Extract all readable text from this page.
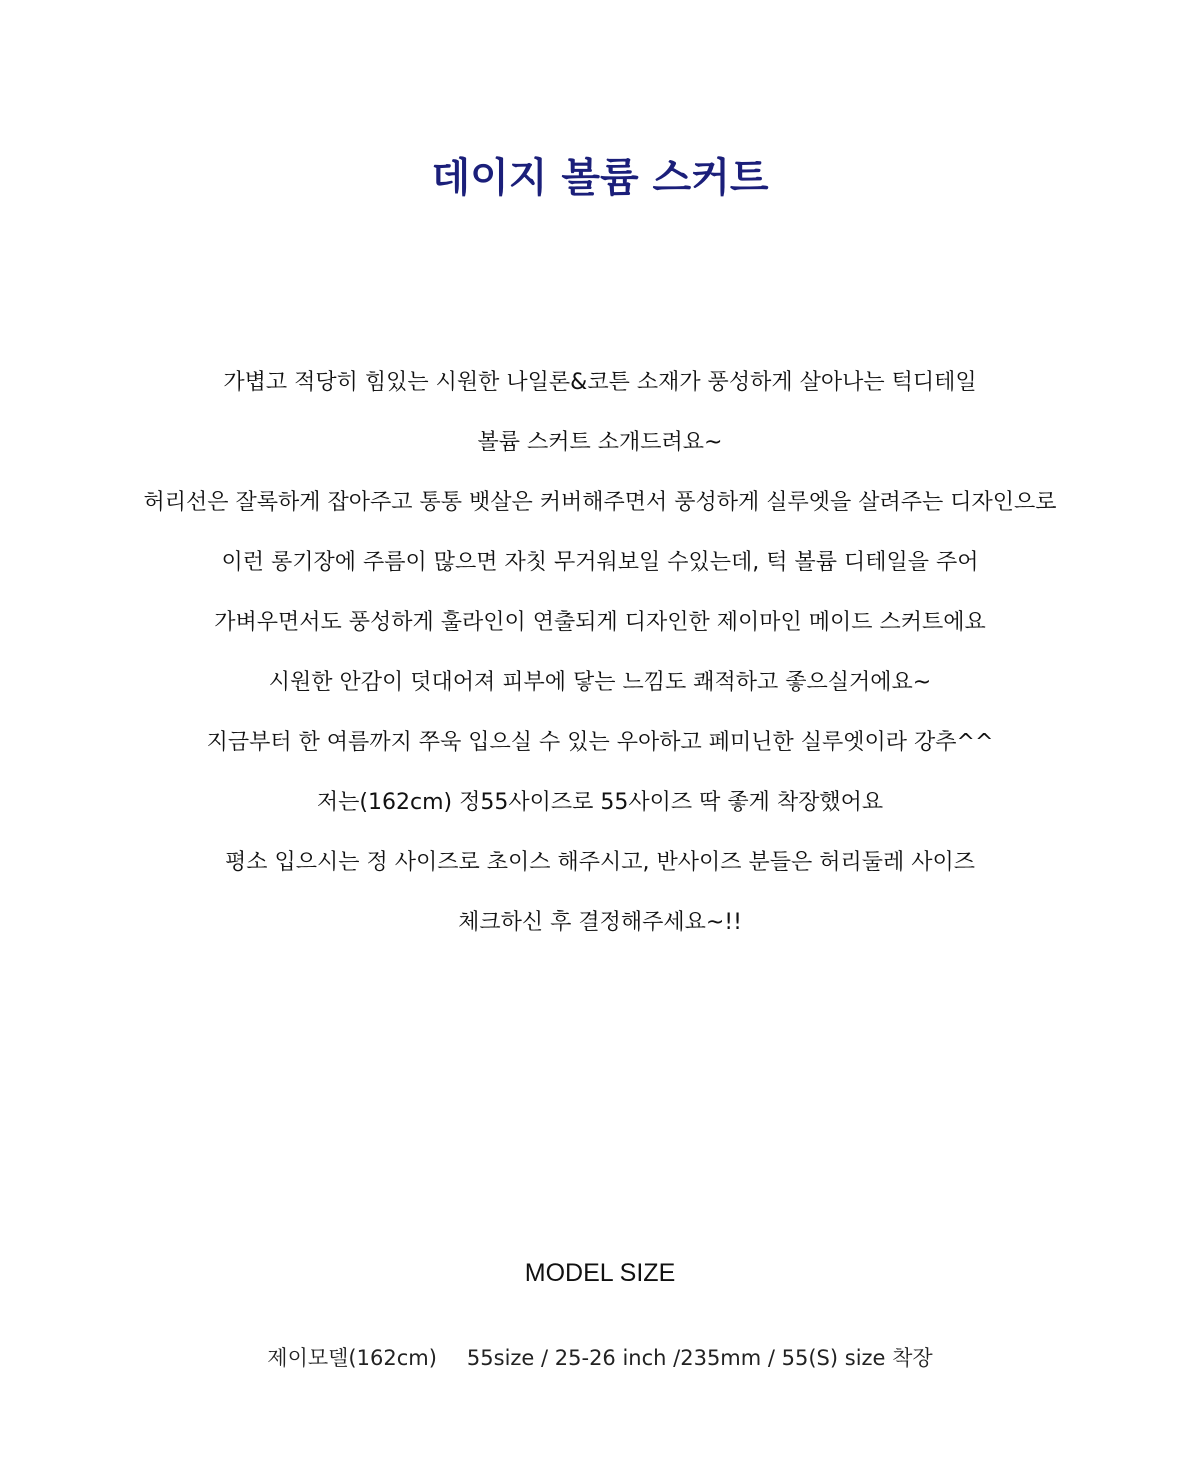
데이지 볼륨 스커트
가볍고 적당히 힘있는 시원한 나일론&코튼 소재가 풍성하게 살아나는 턱디테일
볼륨 스커트 소개드려요~
허리선은 잘록하게 잡아주고 통통 뱃살은 커버해주면서 풍성하게 실루엣을 살려주는 디자인으로
이런 롱기장에 주름이 많으면 자칫 무거워보일 수있는데, 턱 볼륨 디테일을 주어
가벼우면서도 풍성하게 훌라인이 연출되게 디자인한 제이마인 메이드 스커트에요
시원한 안감이 덧대어져 피부에 닿는 느낌도 쾌적하고 좋으실거에요~
지금부터 한 여름까지 쭈욱 입으실 수 있는 우아하고 페미닌한 실루엣이라 강추^^
저는(162cm) 정55사이즈로 55사이즈 딱 좋게 착장했어요
평소 입으시는 정 사이즈로 초이스 해주시고, 반사이즈 분들은 허리둘레 사이즈
체크하신 후 결정해주세요~!!
MODEL SIZE
제이모델(162cm) 55size / 25-26 inch /235mm / 55(S) size 착장
